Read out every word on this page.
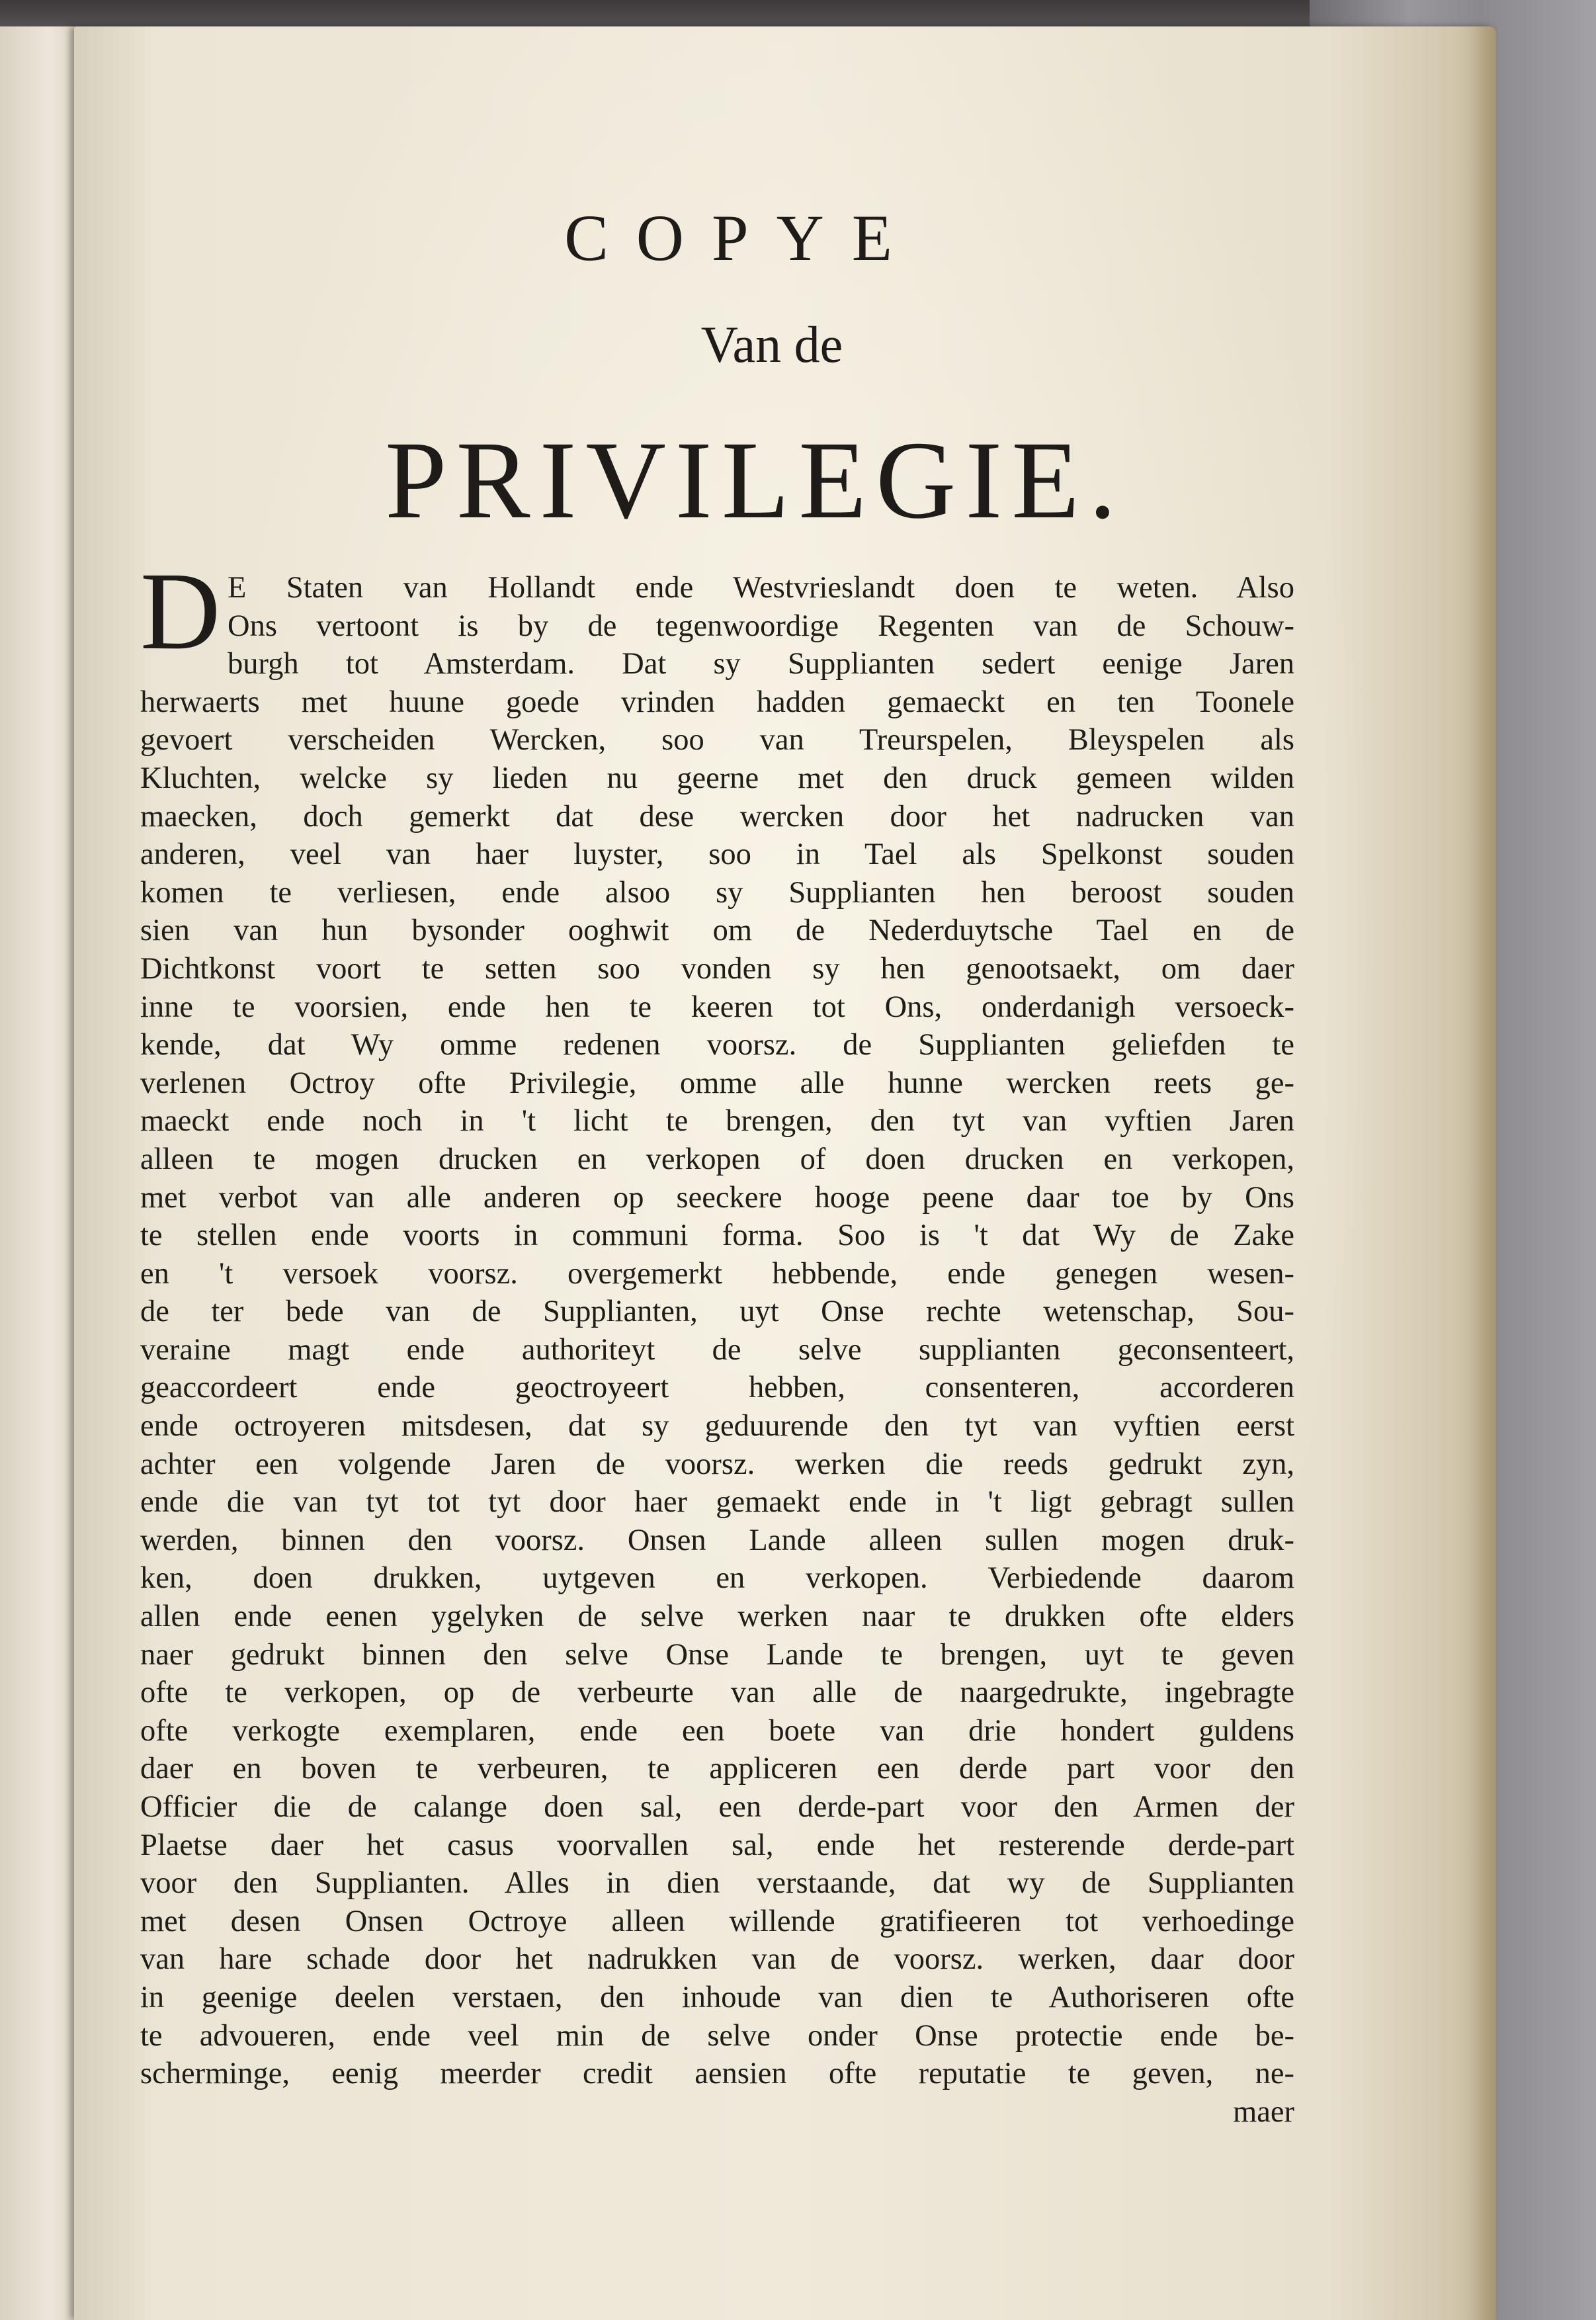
COPYE
Van de
PRIVILEGIE.
D E Staten van Hollandt ende Westvrieslandt doen te weten. Also
Ons vertoont is by de tegenwoordige Regenten van de Schouw-
burgh tot Amsterdam. Dat sy Supplianten sedert eenige Jaren
herwaerts met huune goede vrinden hadden gemaeckt en ten Toonele
gevoert verscheiden Wercken, soo van Treurspelen, Bleyspelen als
Kluchten, welcke sy lieden nu geerne met den druck gemeen wilden
maecken, doch gemerkt dat dese wercken door het nadrucken van
anderen, veel van haer luyster, soo in Tael als Spelkonst souden
komen te verliesen, ende alsoo sy Supplianten hen beroost souden
sien van hun bysonder ooghwit om de Nederduytsche Tael en de
Dichtkonst voort te setten soo vonden sy hen genootsaekt, om daer
inne te voorsien, ende hen te keeren tot Ons, onderdanigh versoeck-
kende, dat Wy omme redenen voorsz. de Supplianten geliefden te
verlenen Octroy ofte Privilegie, omme alle hunne wercken reets ge-
maeckt ende noch in 't licht te brengen, den tyt van vyftien Jaren
alleen te mogen drucken en verkopen of doen drucken en verkopen,
met verbot van alle anderen op seeckere hooge peene daar toe by Ons
te stellen ende voorts in communi forma. Soo is 't dat Wy de Zake
en 't versoek voorsz. overgemerkt hebbende, ende genegen wesen-
de ter bede van de Supplianten, uyt Onse rechte wetenschap, Sou-
veraine magt ende authoriteyt de selve supplianten geconsenteert,
geaccordeert ende geoctroyeert hebben, consenteren, accorderen
ende octroyeren mitsdesen, dat sy geduurende den tyt van vyftien eerst
achter een volgende Jaren de voorsz. werken die reeds gedrukt zyn,
ende die van tyt tot tyt door haer gemaekt ende in 't ligt gebragt sullen
werden, binnen den voorsz. Onsen Lande alleen sullen mogen druk-
ken, doen drukken, uytgeven en verkopen. Verbiedende daarom
allen ende eenen ygelyken de selve werken naar te drukken ofte elders
naer gedrukt binnen den selve Onse Lande te brengen, uyt te geven
ofte te verkopen, op de verbeurte van alle de naargedrukte, ingebragte
ofte verkogte exemplaren, ende een boete van drie hondert guldens
daer en boven te verbeuren, te appliceren een derde part voor den
Officier die de calange doen sal, een derde-part voor den Armen der
Plaetse daer het casus voorvallen sal, ende het resterende derde-part
voor den Supplianten. Alles in dien verstaande, dat wy de Supplianten
met desen Onsen Octroye alleen willende gratifieeren tot verhoedinge
van hare schade door het nadrukken van de voorsz. werken, daar door
in geenige deelen verstaen, den inhoude van dien te Authoriseren ofte
te advoueren, ende veel min de selve onder Onse protectie ende be-
scherminge, eenig meerder credit aensien ofte reputatie te geven, ne-
maer
